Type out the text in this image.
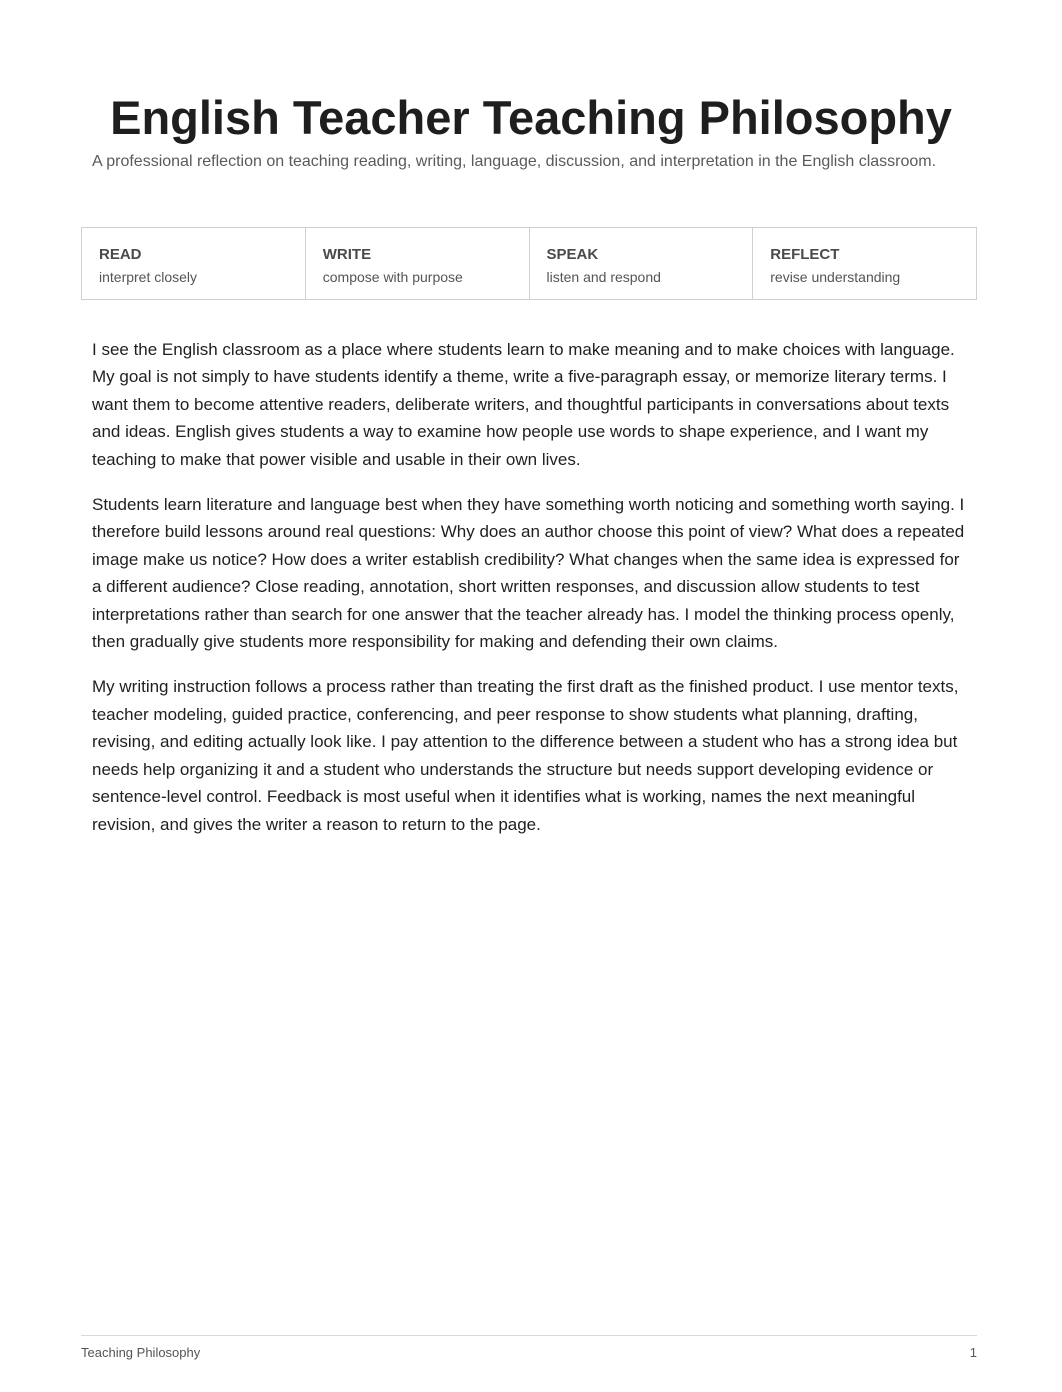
English Teacher Teaching Philosophy

A professional reflection on teaching reading, writing, language, discussion, and interpretation in the English classroom.

READ
interpret closely
WRITE
compose with purpose
SPEAK
listen and respond
REFLECT
revise understanding

I see the English classroom as a place where students learn to make meaning and to make choices with language. My goal is not simply to have students identify a theme, write a five-paragraph essay, or memorize literary terms. I want them to become attentive readers, deliberate writers, and thoughtful participants in conversations about texts and ideas. English gives students a way to examine how people use words to shape experience, and I want my teaching to make that power visible and usable in their own lives.

Students learn literature and language best when they have something worth noticing and something worth saying. I therefore build lessons around real questions: Why does an author choose this point of view? What does a repeated image make us notice? How does a writer establish credibility? What changes when the same idea is expressed for a different audience? Close reading, annotation, short written responses, and discussion allow students to test interpretations rather than search for one answer that the teacher already has. I model the thinking process openly, then gradually give students more responsibility for making and defending their own claims.

My writing instruction follows a process rather than treating the first draft as the finished product. I use mentor texts, teacher modeling, guided practice, conferencing, and peer response to show students what planning, drafting, revising, and editing actually look like. I pay attention to the difference between a student who has a strong idea but needs help organizing it and a student who understands the structure but needs support developing evidence or sentence-level control. Feedback is most useful when it identifies what is working, names the next meaningful revision, and gives the writer a reason to return to the page.

Teaching Philosophy	1
